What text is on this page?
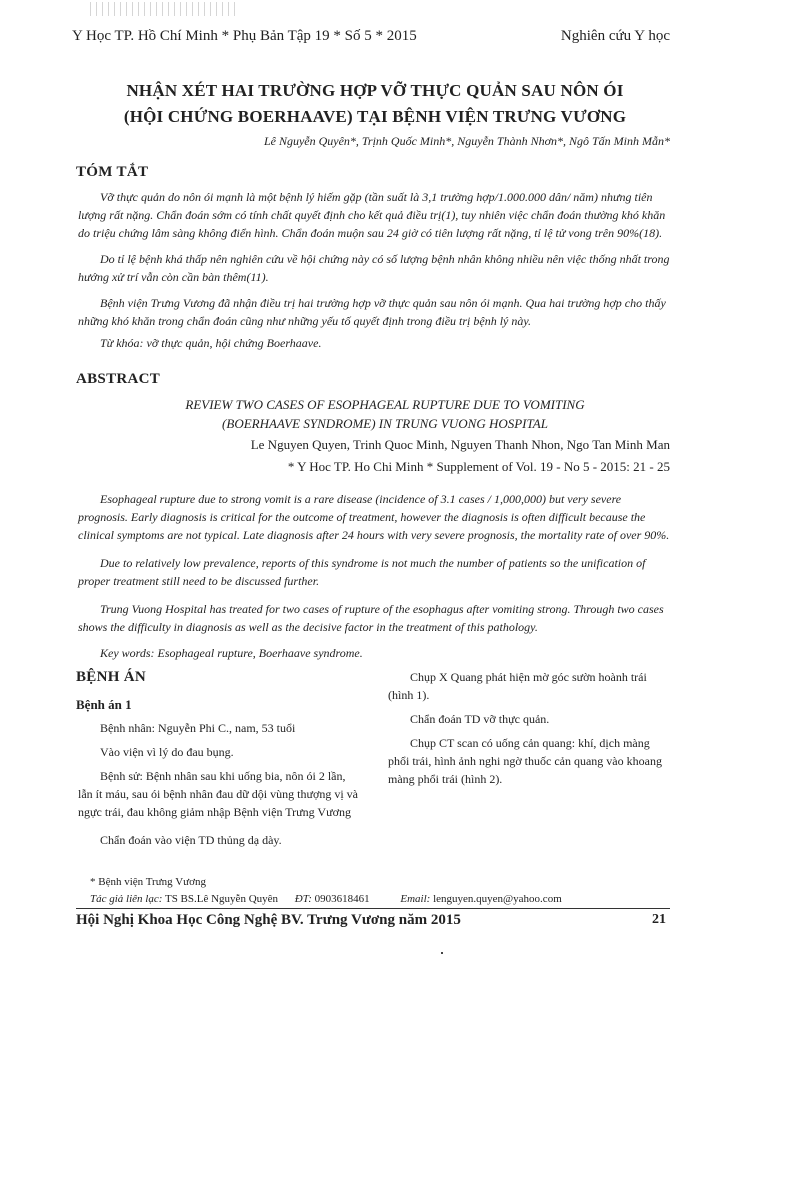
Y Học TP. Hồ Chí Minh * Phụ Bản Tập 19 * Số 5 * 2015	Nghiên cứu Y học
NHẬN XÉT HAI TRƯỜNG HỢP VỠ THỰC QUẢN SAU NÔN ÓI
(HỘI CHỨNG BOERHAAVE) TẠI BỆNH VIỆN TRƯNG VƯƠNG
Lê Nguyễn Quyên*, Trịnh Quốc Minh*, Nguyễn Thành Nhơn*, Ngô Tấn Minh Mẫn*
TÓM TẮT

Vỡ thực quản do nôn ói mạnh là một bệnh lý hiếm gặp (tần suất là 3,1 trường hợp/1.000.000 dân/ năm) nhưng tiên lượng rất nặng. Chẩn đoán sớm có tính chất quyết định cho kết quả điều trị(1), tuy nhiên việc chẩn đoán thường khó khăn do triệu chứng lâm sàng không điển hình. Chẩn đoán muộn sau 24 giờ có tiên lượng rất nặng, tỉ lệ tử vong trên 90%(18).

Do tỉ lệ bệnh khá thấp nên nghiên cứu về hội chứng này có số lượng bệnh nhân không nhiều nên việc thống nhất trong hướng xử trí vẫn còn cần bàn thêm(11).

Bệnh viện Trưng Vương đã nhận điều trị hai trường hợp vỡ thực quản sau nôn ói mạnh. Qua hai trường hợp cho thấy những khó khăn trong chẩn đoán cũng như những yếu tố quyết định trong điều trị bệnh lý này.

Từ khóa: vỡ thực quản, hội chứng Boerhaave.

ABSTRACT
REVIEW TWO CASES OF ESOPHAGEAL RUPTURE DUE TO VOMITING
(BOERHAAVE SYNDROME) IN TRUNG VUONG HOSPITAL
Le Nguyen Quyen, Trinh Quoc Minh, Nguyen Thanh Nhon, Ngo Tan Minh Man
* Y Hoc TP. Ho Chi Minh * Supplement of Vol. 19 - No 5 - 2015: 21 - 25

Esophageal rupture due to strong vomit is a rare disease (incidence of 3.1 cases / 1,000,000) but very severe prognosis. Early diagnosis is critical for the outcome of treatment, however the diagnosis is often difficult because the clinical symptoms are not typical. Late diagnosis after 24 hours with very severe prognosis, the mortality rate of over 90%.

Due to relatively low prevalence, reports of this syndrome is not much the number of patients so the unification of proper treatment still need to be discussed further.

Trung Vuong Hospital has treated for two cases of rupture of the esophagus after vomiting strong. Through two cases shows the difficulty in diagnosis as well as the decisive factor in the treatment of this pathology.

Key words: Esophageal rupture, Boerhaave syndrome.

BỆNH ÁN
Bệnh án 1

Bệnh nhân: Nguyễn Phi C., nam, 53 tuổi

Vào viện vì lý do đau bụng.

Bệnh sử: Bệnh nhân sau khi uống bia, nôn ói 2 lần, lẫn ít máu, sau ói bệnh nhân đau dữ dội vùng thượng vị và ngực trái, đau không giảm nhập Bệnh viện Trưng Vương

Chẩn đoán vào viện TD thủng dạ dày.

Chụp X Quang phát hiện mờ góc sườn hoành trái (hình 1).

Chẩn đoán TD vỡ thực quản.

Chụp CT scan có uống cản quang: khí, dịch màng phổi trái, hình ảnh nghi ngờ thuốc cản quang vào khoang màng phổi trái (hình 2).

* Bệnh viện Trưng Vương
Tác giả liên lạc: TS BS.Lê Nguyễn Quyên ĐT: 0903618461	Email: lenguyen.quyen@yahoo.com
Hội Nghị Khoa Học Công Nghệ BV. Trưng Vương năm 2015	21
